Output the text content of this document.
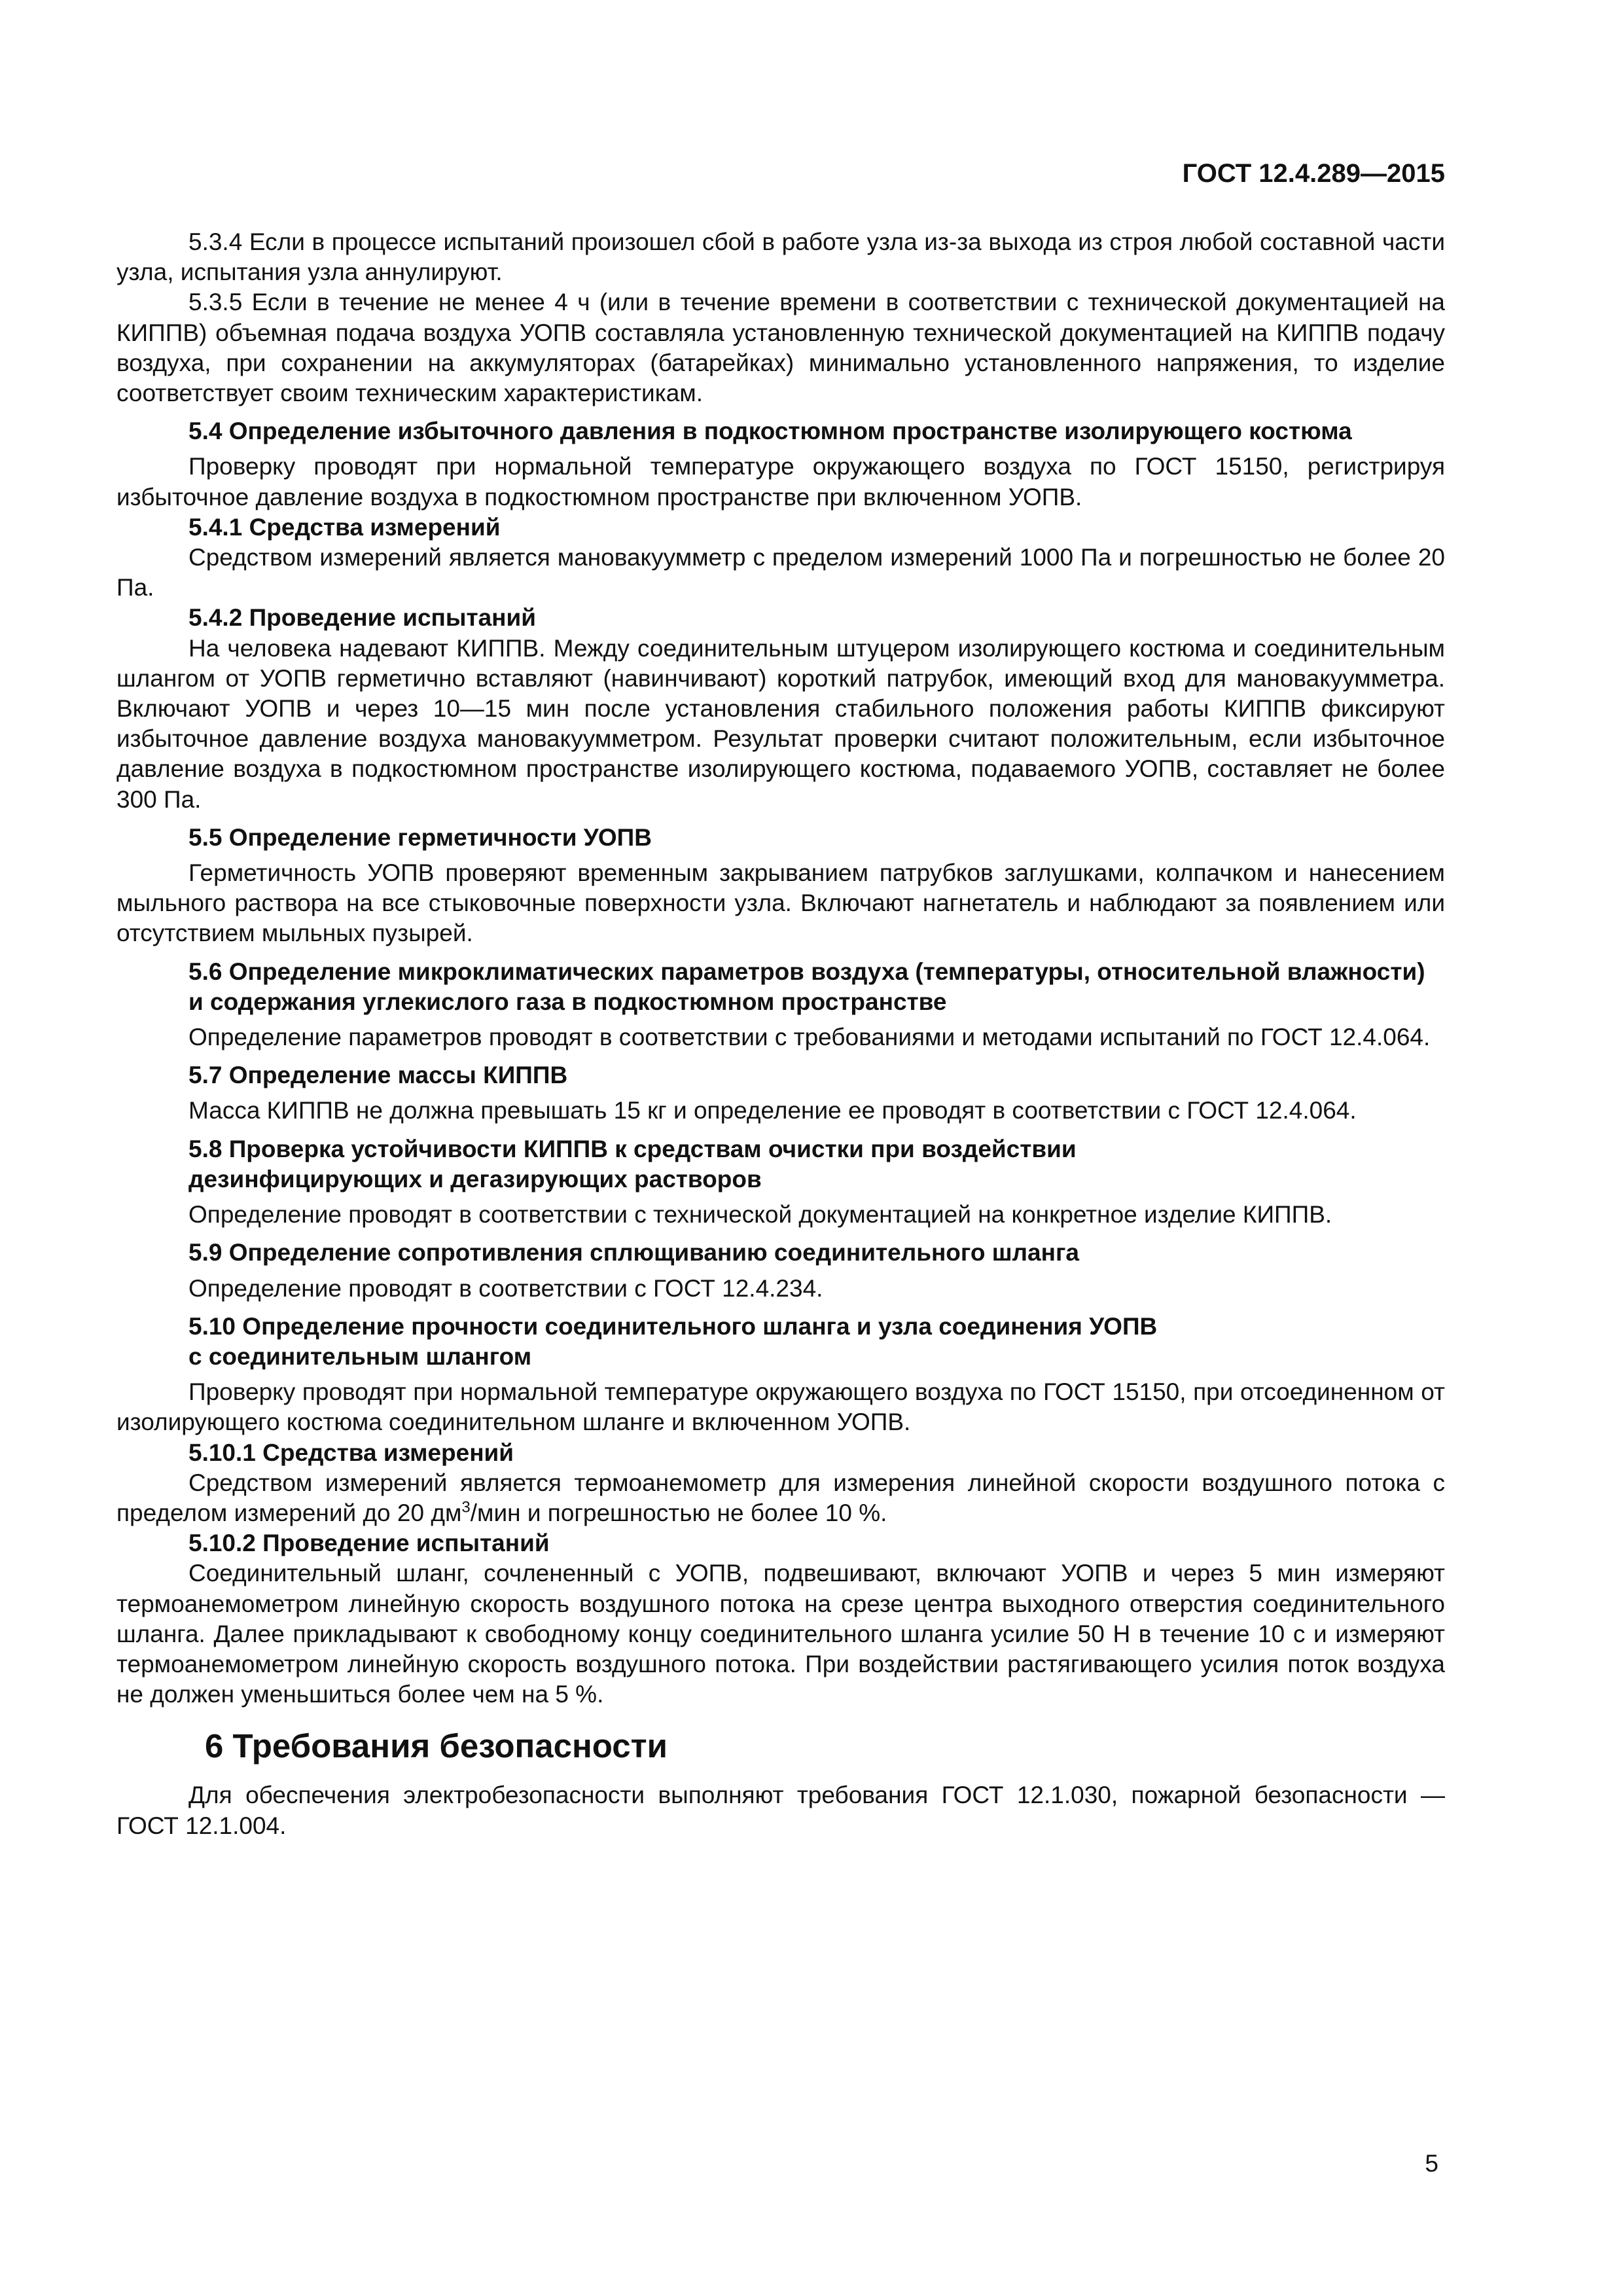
ГОСТ 12.4.289—2015

5.3.4 Если в процессе испытаний произошел сбой в работе узла из-за выхода из строя любой составной части узла, испытания узла аннулируют.

5.3.5 Если в течение не менее 4 ч (или в течение времени в соответствии с технической документацией на КИППВ) объемная подача воздуха УОПВ составляла установленную технической документацией на КИППВ подачу воздуха, при сохранении на аккумуляторах (батарейках) минимально установленного напряжения, то изделие соответствует своим техническим характеристикам.

5.4 Определение избыточного давления в подкостюмном пространстве изолирующего костюма

Проверку проводят при нормальной температуре окружающего воздуха по ГОСТ 15150, регистрируя избыточное давление воздуха в подкостюмном пространстве при включенном УОПВ.

5.4.1 Средства измерений

Средством измерений является мановакуумметр с пределом измерений 1000 Па и погрешностью не более 20 Па.

5.4.2 Проведение испытаний

На человека надевают КИППВ. Между соединительным штуцером изолирующего костюма и соединительным шлангом от УОПВ герметично вставляют (навинчивают) короткий патрубок, имеющий вход для мановакуумметра. Включают УОПВ и через 10—15 мин после установления стабильного положения работы КИППВ фиксируют избыточное давление воздуха мановакуумметром. Результат проверки считают положительным, если избыточное давление воздуха в подкостюмном пространстве изолирующего костюма, подаваемого УОПВ, составляет не более 300 Па.

5.5 Определение герметичности УОПВ

Герметичность УОПВ проверяют временным закрыванием патрубков заглушками, колпачком и нанесением мыльного раствора на все стыковочные поверхности узла. Включают нагнетатель и наблюдают за появлением или отсутствием мыльных пузырей.

5.6 Определение микроклиматических параметров воздуха (температуры, относительной влажности) и содержания углекислого газа в подкостюмном пространстве

Определение параметров проводят в соответствии с требованиями и методами испытаний по ГОСТ 12.4.064.

5.7 Определение массы КИППВ

Масса КИППВ не должна превышать 15 кг и определение ее проводят в соответствии с ГОСТ 12.4.064.

5.8 Проверка устойчивости КИППВ к средствам очистки при воздействии
дезинфицирующих и дегазирующих растворов

Определение проводят в соответствии с технической документацией на конкретное изделие КИППВ.

5.9 Определение сопротивления сплющиванию соединительного шланга

Определение проводят в соответствии с ГОСТ 12.4.234.

5.10 Определение прочности соединительного шланга и узла соединения УОПВ
с соединительным шлангом

Проверку проводят при нормальной температуре окружающего воздуха по ГОСТ 15150, при отсоединенном от изолирующего костюма соединительном шланге и включенном УОПВ.

5.10.1 Средства измерений

Средством измерений является термоанемометр для измерения линейной скорости воздушного потока с пределом измерений до 20 $дм^3$/мин и погрешностью не более 10 %.

5.10.2 Проведение испытаний

Соединительный шланг, сочлененный с УОПВ, подвешивают, включают УОПВ и через 5 мин измеряют термоанемометром линейную скорость воздушного потока на срезе центра выходного отверстия соединительного шланга. Далее прикладывают к свободному концу соединительного шланга усилие 50 Н в течение 10 с и измеряют термоанемометром линейную скорость воздушного потока. При воздействии растягивающего усилия поток воздуха не должен уменьшиться более чем на 5 %.

6 Требования безопасности

Для обеспечения электробезопасности выполняют требования ГОСТ 12.1.030, пожарной безопасности — ГОСТ 12.1.004.

5
